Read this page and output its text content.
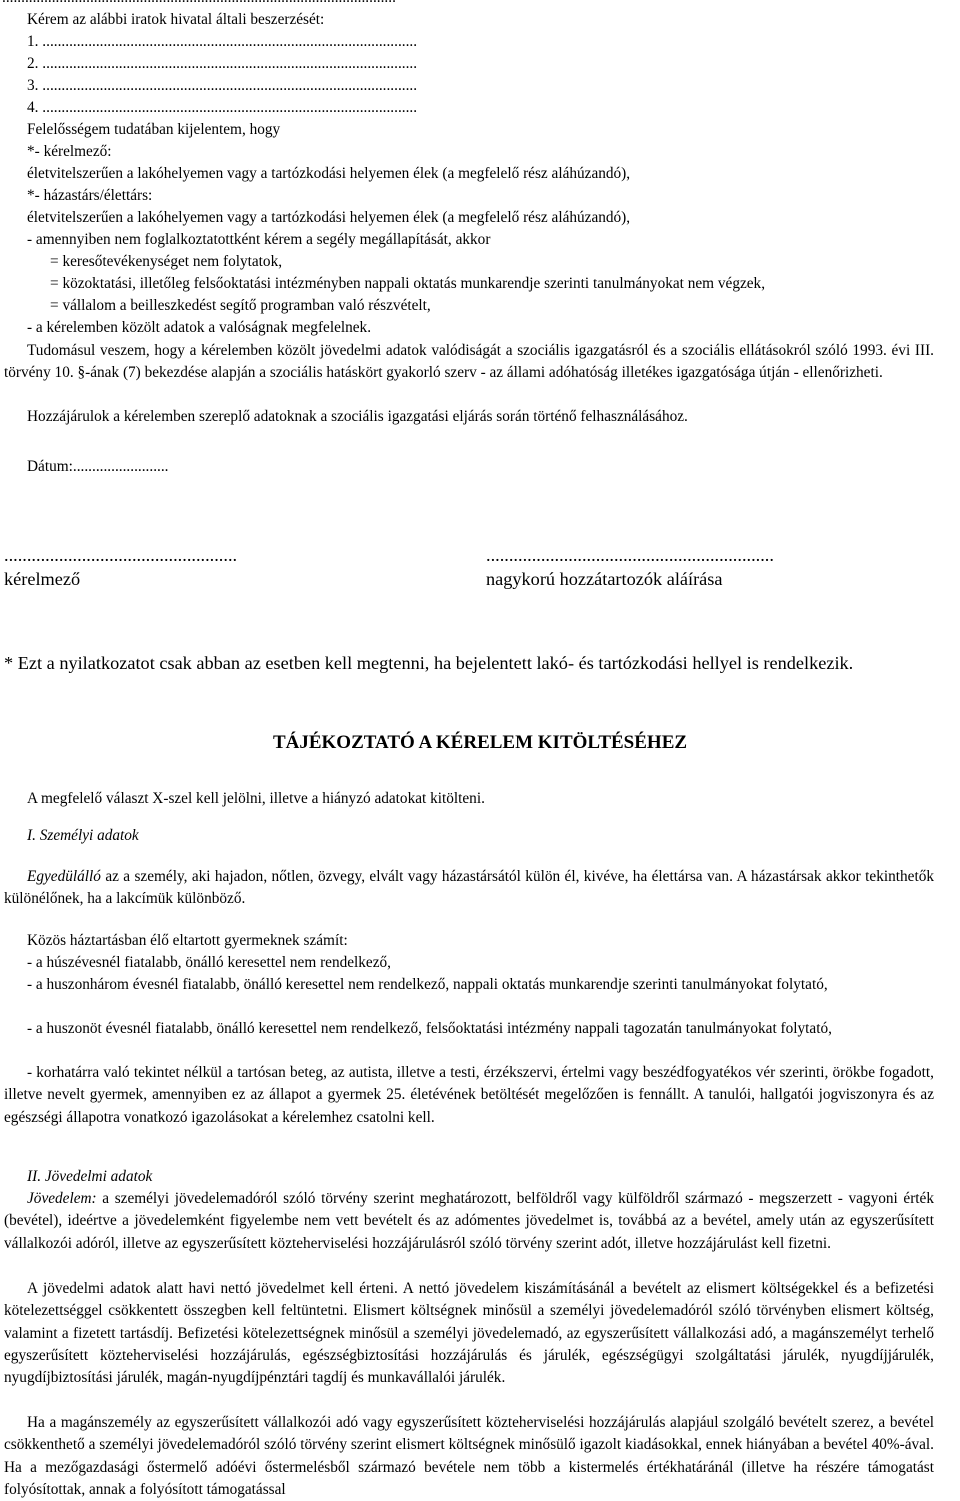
Kérem az alábbi iratok hivatal általi beszerzését:
1. ..................................................................................................
2. ..................................................................................................
3. ..................................................................................................
4. ..................................................................................................
Felelősségem tudatában kijelentem, hogy
*- kérelmező:
életvitelszerűen a lakóhelyemen vagy a tartózkodási helyemen élek (a megfelelő rész aláhúzandó),
*- házastárs/élettárs:
életvitelszerűen a lakóhelyemen vagy a tartózkodási helyemen élek (a megfelelő rész aláhúzandó),
- amennyiben nem foglalkoztatottként kérem a segély megállapítását, akkor
= keresőtevékenységet nem folytatok,
= közoktatási, illetőleg felsőoktatási intézményben nappali oktatás munkarendje szerinti tanulmányokat nem végzek,
= vállalom a beilleszkedést segítő programban való részvételt,
- a kérelemben közölt adatok a valóságnak megfelelnek.
Tudomásul veszem, hogy a kérelemben közölt jövedelmi adatok valódiságát a szociális igazgatásról és a szociális ellátásokról szóló 1993. évi III. törvény 10. §-ának (7) bekezdése alapján a szociális hatáskört gyakorló szerv - az állami adóhatóság illetékes igazgatósága útján - ellenőrizheti.
Hozzájárulok a kérelemben szereplő adatoknak a szociális igazgatási eljárás során történő felhasználásához.
Dátum:.........................
...................................................
kérelmező
...............................................................
nagykorú hozzátartozók aláírása
* Ezt a nyilatkozatot csak abban az esetben kell megtenni, ha bejelentett lakó- és tartózkodási hellyel is rendelkezik.
TÁJÉKOZTATÓ A KÉRELEM KITÖLTÉSÉHEZ
A megfelelő választ X-szel kell jelölni, illetve a hiányzó adatokat kitölteni.
I. Személyi adatok
Egyedülálló az a személy, aki hajadon, nőtlen, özvegy, elvált vagy házastársától külön él, kivéve, ha élettársa van. A házastársak akkor tekinthetők különélőnek, ha a lakcímük különböző.
Közös háztartásban élő eltartott gyermeknek számít:
- a húszévesnél fiatalabb, önálló keresettel nem rendelkező,
- a huszonhárom évesnél fiatalabb, önálló keresettel nem rendelkező, nappali oktatás munkarendje szerinti tanulmányokat folytató,
- a huszonöt évesnél fiatalabb, önálló keresettel nem rendelkező, felsőoktatási intézmény nappali tagozatán tanulmányokat folytató,
- korhatárra való tekintet nélkül a tartósan beteg, az autista, illetve a testi, érzékszervi, értelmi vagy beszédfogyatékos vér szerinti, örökbe fogadott, illetve nevelt gyermek, amennyiben ez az állapot a gyermek 25. életévének betöltését megelőzően is fennállt. A tanulói, hallgatói jogviszonyra és az egészségi állapotra vonatkozó igazolásokat a kérelemhez csatolni kell.
II. Jövedelmi adatok
Jövedelem: a személyi jövedelemadóról szóló törvény szerint meghatározott, belföldről vagy külföldről származó - megszerzett - vagyoni érték (bevétel), ideértve a jövedelemként figyelembe nem vett bevételt és az adómentes jövedelmet is, továbbá az a bevétel, amely után az egyszerűsített vállalkozói adóról, illetve az egyszerűsített közteherviselési hozzájárulásról szóló törvény szerint adót, illetve hozzájárulást kell fizetni.
A jövedelmi adatok alatt havi nettó jövedelmet kell érteni. A nettó jövedelem kiszámításánál a bevételt az elismert költségekkel és a befizetési kötelezettséggel csökkentett összegben kell feltüntetni. Elismert költségnek minősül a személyi jövedelemadóról szóló törvényben elismert költség, valamint a fizetett tartásdíj. Befizetési kötelezettségnek minősül a személyi jövedelemadó, az egyszerűsített vállalkozási adó, a magánszemélyt terhelő egyszerűsített közteherviselési hozzájárulás, egészségbiztosítási hozzájárulás és járulék, egészségügyi szolgáltatási járulék, nyugdíjjárulék, nyugdíjbiztosítási járulék, magán-nyugdíjpénztári tagdíj és munkavállalói járulék.
Ha a magánszemély az egyszerűsített vállalkozói adó vagy egyszerűsített közteherviselési hozzájárulás alapjául szolgáló bevételt szerez, a bevétel csökkenthető a személyi jövedelemadóról szóló törvény szerint elismert költségnek minősülő igazolt kiadásokkal, ennek hiányában a bevétel 40%-ával. Ha a mezőgazdasági őstermelő adóévi őstermelésből származó bevétele nem több a kistermelés értékhatáránál (illetve ha részére támogatást folyósítottak, annak a folyósított támogatással
